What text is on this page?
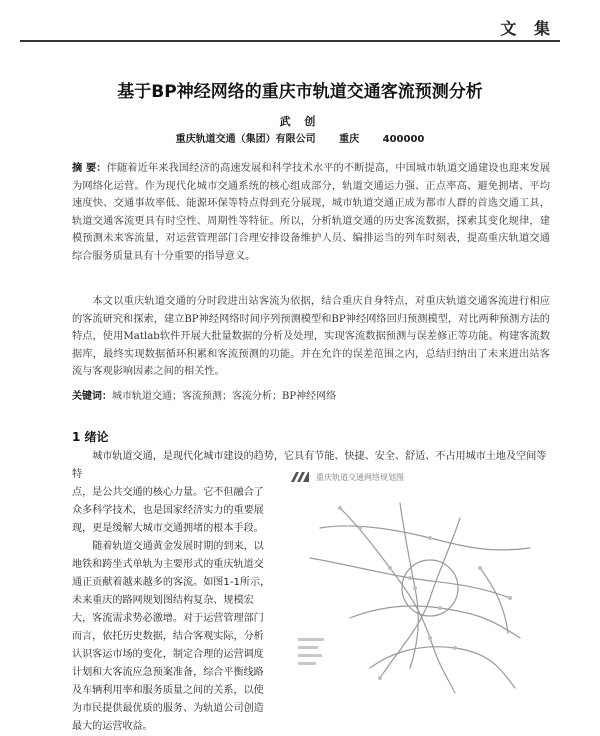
文 集
基于BP神经网络的重庆市轨道交通客流预测分析
武 创
重庆轨道交通（集团）有限公司 重庆 400000
摘 要：伴随着近年来我国经济的高速发展和科学技术水平的不断提高，中国城市轨道交通建设也迎来发展为网络化运营。作为现代化城市交通系统的核心组成部分，轨道交通运力强、正点率高、避免拥堵、平均速度快、交通事故率低、能源环保等特点得到充分展现，城市轨道交通正成为都市人群的首选交通工具，轨道交通客流更具有时空性、周期性等特征。所以，分析轨道交通的历史客流数据，探索其变化规律，建模预测未来客流量，对运营管理部门合理安排设备维护人员、编排运当的列车时刻表，提高重庆轨道交通综合服务质量具有十分重要的指导意义。
本文以重庆轨道交通的分时段进出站客流为依据，结合重庆自身特点，对重庆轨道交通客流进行相应的客流研究和探索，建立BP神经网络时间序列预测模型和BP神经网络回归预测模型，对比两种预测方法的特点，使用Matlab软件开展大批量数据的分析及处理，实现客流数据预测与误差修正等功能。构建客流数据库，最终实现数据循环积累和客流预测的功能。并在允许的误差范围之内，总结归纳出了未来进出站客流与客观影响因素之间的相关性。
关键词：城市轨道交通；客流预测；客流分析；BP神经网络
1 绪论
城市轨道交通，是现代化城市建设的趋势，它具有节能、快捷、安全、舒适、不占用城市土地及空间等特

点，是公共交通的核心力量。它不但融合了众多科学技术，也是国家经济实力的重要展现，更是缓解大城市交通拥堵的根本手段。

随着轨道交通黄金发展时期的到来，以地铁和跨坐式单轨为主要形式的重庆轨道交通正贡献着越来越多的客流。如图1-1所示，未来重庆的路网规划图结构复杂、规模宏大，客流需求势必激增。对于运营管理部门而言，依托历史数据，结合客观实际，分析认识客运市场的变化，制定合理的运营调度计划和大客流应急预案准备，综合平衡线路及车辆利用率和服务质量之间的关系，以使为市民提供最优质的服务、为轨道公司创造最大的运营收益。

重庆轨道交通网络规划图
